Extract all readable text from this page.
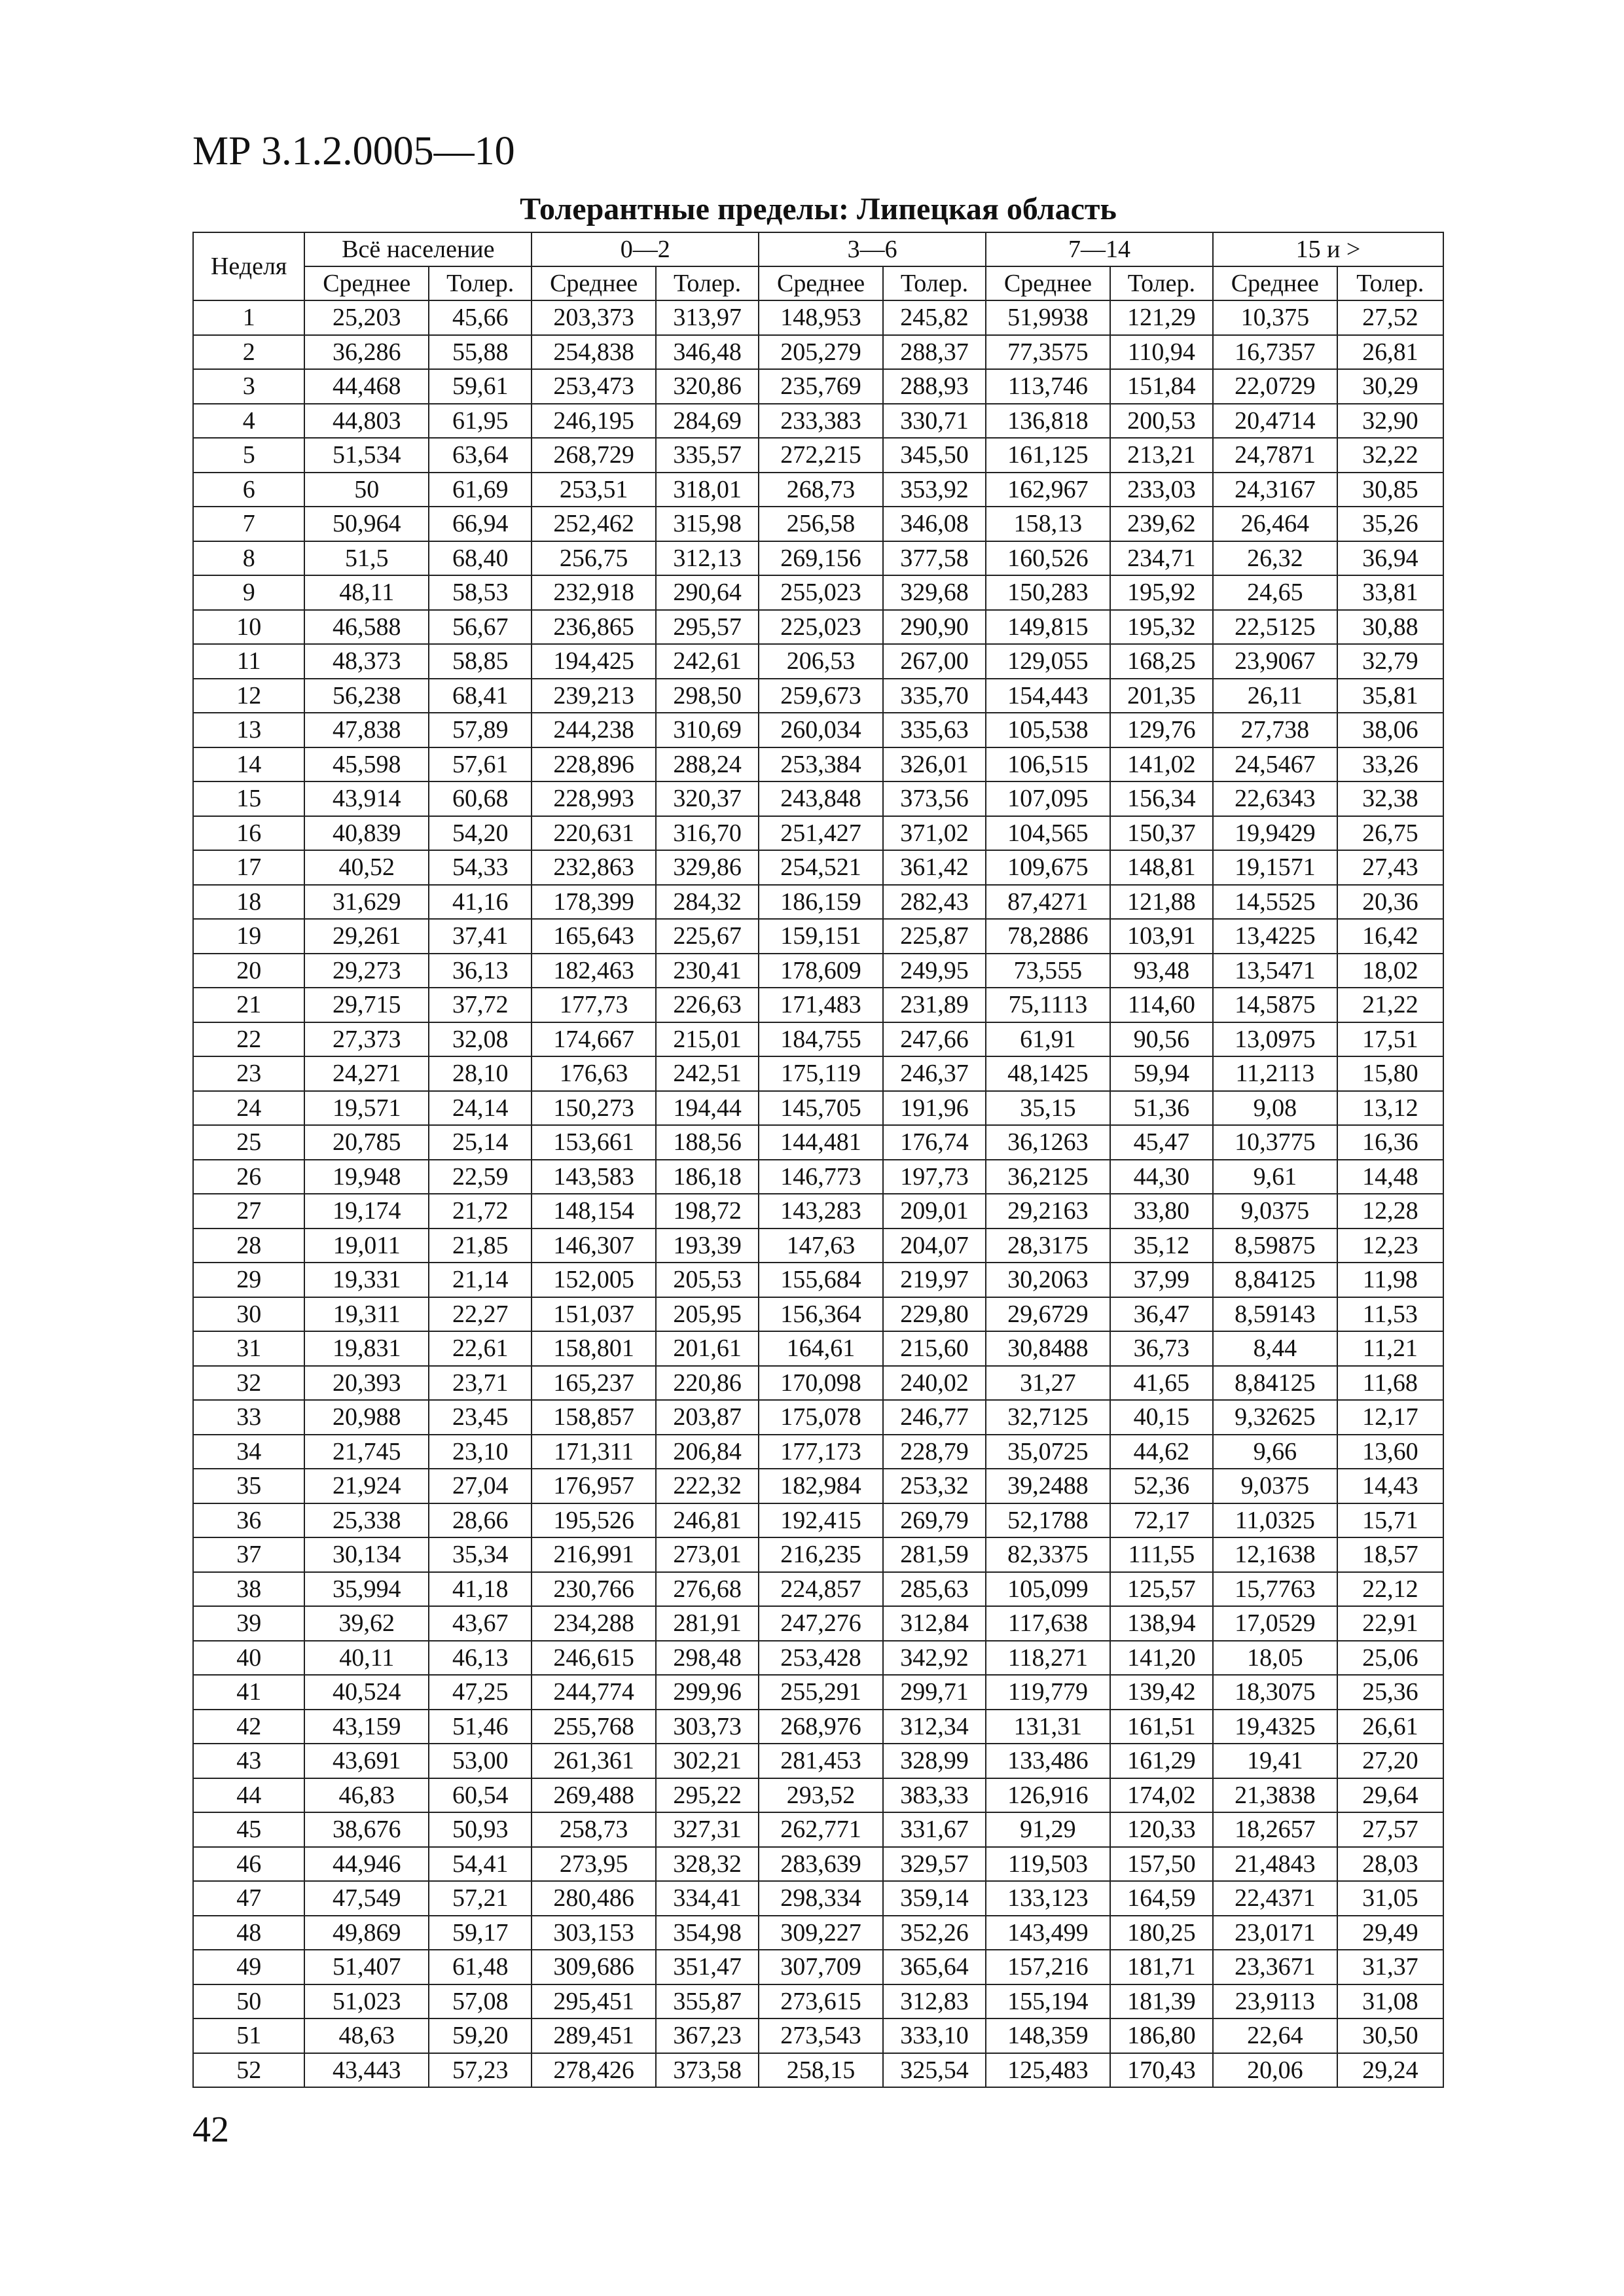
МР 3.1.2.0005—10
Толерантные пределы: Липецкая область
Неделя	Всё население		0—2		3—6		7—14		15 и >	
	Среднее	Толер.	Среднее	Толер.	Среднее	Толер.	Среднее	Толер.	Среднее	Толер.
1	25,203	45,66	203,373	313,97	148,953	245,82	51,9938	121,29	10,375	27,52
2	36,286	55,88	254,838	346,48	205,279	288,37	77,3575	110,94	16,7357	26,81
3	44,468	59,61	253,473	320,86	235,769	288,93	113,746	151,84	22,0729	30,29
4	44,803	61,95	246,195	284,69	233,383	330,71	136,818	200,53	20,4714	32,90
5	51,534	63,64	268,729	335,57	272,215	345,50	161,125	213,21	24,7871	32,22
6	50	61,69	253,51	318,01	268,73	353,92	162,967	233,03	24,3167	30,85
7	50,964	66,94	252,462	315,98	256,58	346,08	158,13	239,62	26,464	35,26
8	51,5	68,40	256,75	312,13	269,156	377,58	160,526	234,71	26,32	36,94
9	48,11	58,53	232,918	290,64	255,023	329,68	150,283	195,92	24,65	33,81
10	46,588	56,67	236,865	295,57	225,023	290,90	149,815	195,32	22,5125	30,88
11	48,373	58,85	194,425	242,61	206,53	267,00	129,055	168,25	23,9067	32,79
12	56,238	68,41	239,213	298,50	259,673	335,70	154,443	201,35	26,11	35,81
13	47,838	57,89	244,238	310,69	260,034	335,63	105,538	129,76	27,738	38,06
14	45,598	57,61	228,896	288,24	253,384	326,01	106,515	141,02	24,5467	33,26
15	43,914	60,68	228,993	320,37	243,848	373,56	107,095	156,34	22,6343	32,38
16	40,839	54,20	220,631	316,70	251,427	371,02	104,565	150,37	19,9429	26,75
17	40,52	54,33	232,863	329,86	254,521	361,42	109,675	148,81	19,1571	27,43
18	31,629	41,16	178,399	284,32	186,159	282,43	87,4271	121,88	14,5525	20,36
19	29,261	37,41	165,643	225,67	159,151	225,87	78,2886	103,91	13,4225	16,42
20	29,273	36,13	182,463	230,41	178,609	249,95	73,555	93,48	13,5471	18,02
21	29,715	37,72	177,73	226,63	171,483	231,89	75,1113	114,60	14,5875	21,22
22	27,373	32,08	174,667	215,01	184,755	247,66	61,91	90,56	13,0975	17,51
23	24,271	28,10	176,63	242,51	175,119	246,37	48,1425	59,94	11,2113	15,80
24	19,571	24,14	150,273	194,44	145,705	191,96	35,15	51,36	9,08	13,12
25	20,785	25,14	153,661	188,56	144,481	176,74	36,1263	45,47	10,3775	16,36
26	19,948	22,59	143,583	186,18	146,773	197,73	36,2125	44,30	9,61	14,48
27	19,174	21,72	148,154	198,72	143,283	209,01	29,2163	33,80	9,0375	12,28
28	19,011	21,85	146,307	193,39	147,63	204,07	28,3175	35,12	8,59875	12,23
29	19,331	21,14	152,005	205,53	155,684	219,97	30,2063	37,99	8,84125	11,98
30	19,311	22,27	151,037	205,95	156,364	229,80	29,6729	36,47	8,59143	11,53
31	19,831	22,61	158,801	201,61	164,61	215,60	30,8488	36,73	8,44	11,21
32	20,393	23,71	165,237	220,86	170,098	240,02	31,27	41,65	8,84125	11,68
33	20,988	23,45	158,857	203,87	175,078	246,77	32,7125	40,15	9,32625	12,17
34	21,745	23,10	171,311	206,84	177,173	228,79	35,0725	44,62	9,66	13,60
35	21,924	27,04	176,957	222,32	182,984	253,32	39,2488	52,36	9,0375	14,43
36	25,338	28,66	195,526	246,81	192,415	269,79	52,1788	72,17	11,0325	15,71
37	30,134	35,34	216,991	273,01	216,235	281,59	82,3375	111,55	12,1638	18,57
38	35,994	41,18	230,766	276,68	224,857	285,63	105,099	125,57	15,7763	22,12
39	39,62	43,67	234,288	281,91	247,276	312,84	117,638	138,94	17,0529	22,91
40	40,11	46,13	246,615	298,48	253,428	342,92	118,271	141,20	18,05	25,06
41	40,524	47,25	244,774	299,96	255,291	299,71	119,779	139,42	18,3075	25,36
42	43,159	51,46	255,768	303,73	268,976	312,34	131,31	161,51	19,4325	26,61
43	43,691	53,00	261,361	302,21	281,453	328,99	133,486	161,29	19,41	27,20
44	46,83	60,54	269,488	295,22	293,52	383,33	126,916	174,02	21,3838	29,64
45	38,676	50,93	258,73	327,31	262,771	331,67	91,29	120,33	18,2657	27,57
46	44,946	54,41	273,95	328,32	283,639	329,57	119,503	157,50	21,4843	28,03
47	47,549	57,21	280,486	334,41	298,334	359,14	133,123	164,59	22,4371	31,05
48	49,869	59,17	303,153	354,98	309,227	352,26	143,499	180,25	23,0171	29,49
49	51,407	61,48	309,686	351,47	307,709	365,64	157,216	181,71	23,3671	31,37
50	51,023	57,08	295,451	355,87	273,615	312,83	155,194	181,39	23,9113	31,08
51	48,63	59,20	289,451	367,23	273,543	333,10	148,359	186,80	22,64	30,50
52	43,443	57,23	278,426	373,58	258,15	325,54	125,483	170,43	20,06	29,24
42
